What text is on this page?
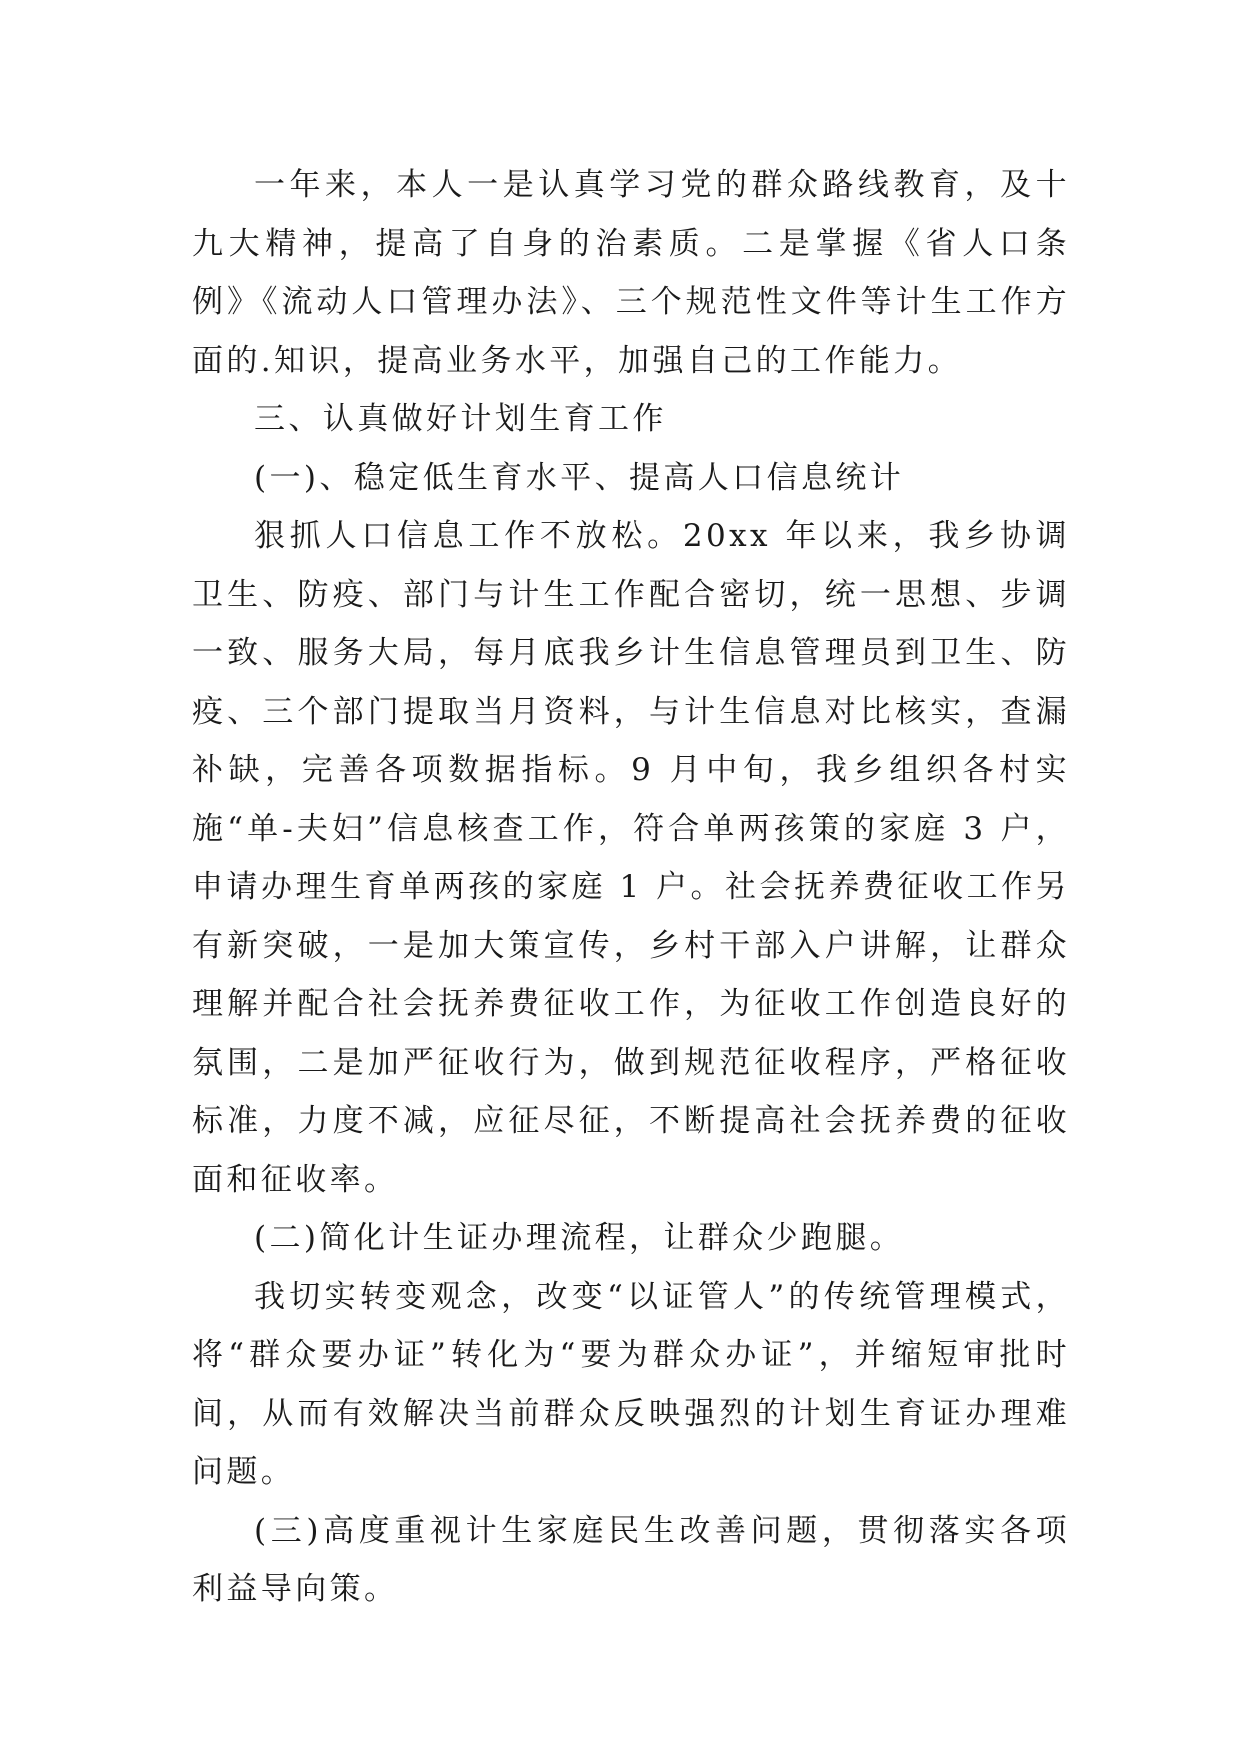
一年来，本人一是认真学习党的群众路线教育，及十九大精神，提高了自身的治素质。二是掌握《省人口条例》《流动人口管理办法》、三个规范性文件等计生工作方面的.知识，提高业务水平，加强自己的工作能力。

三、认真做好计划生育工作

(一)、稳定低生育水平、提高人口信息统计

狠抓人口信息工作不放松。20xx 年以来，我乡协调卫生、防疫、部门与计生工作配合密切，统一思想、步调一致、服务大局，每月底我乡计生信息管理员到卫生、防疫、三个部门提取当月资料，与计生信息对比核实，查漏补缺，完善各项数据指标。9 月中旬，我乡组织各村实施“单-夫妇”信息核查工作，符合单两孩策的家庭 3 户，申请办理生育单两孩的家庭 1 户。社会抚养费征收工作另有新突破，一是加大策宣传，乡村干部入户讲解，让群众理解并配合社会抚养费征收工作，为征收工作创造良好的氛围，二是加严征收行为，做到规范征收程序，严格征收标准，力度不减，应征尽征，不断提高社会抚养费的征收面和征收率。

(二)简化计生证办理流程，让群众少跑腿。

我切实转变观念，改变“以证管人”的传统管理模式，将“群众要办证”转化为“要为群众办证”，并缩短审批时间，从而有效解决当前群众反映强烈的计划生育证办理难问题。

(三)高度重视计生家庭民生改善问题，贯彻落实各项利益导向策。
